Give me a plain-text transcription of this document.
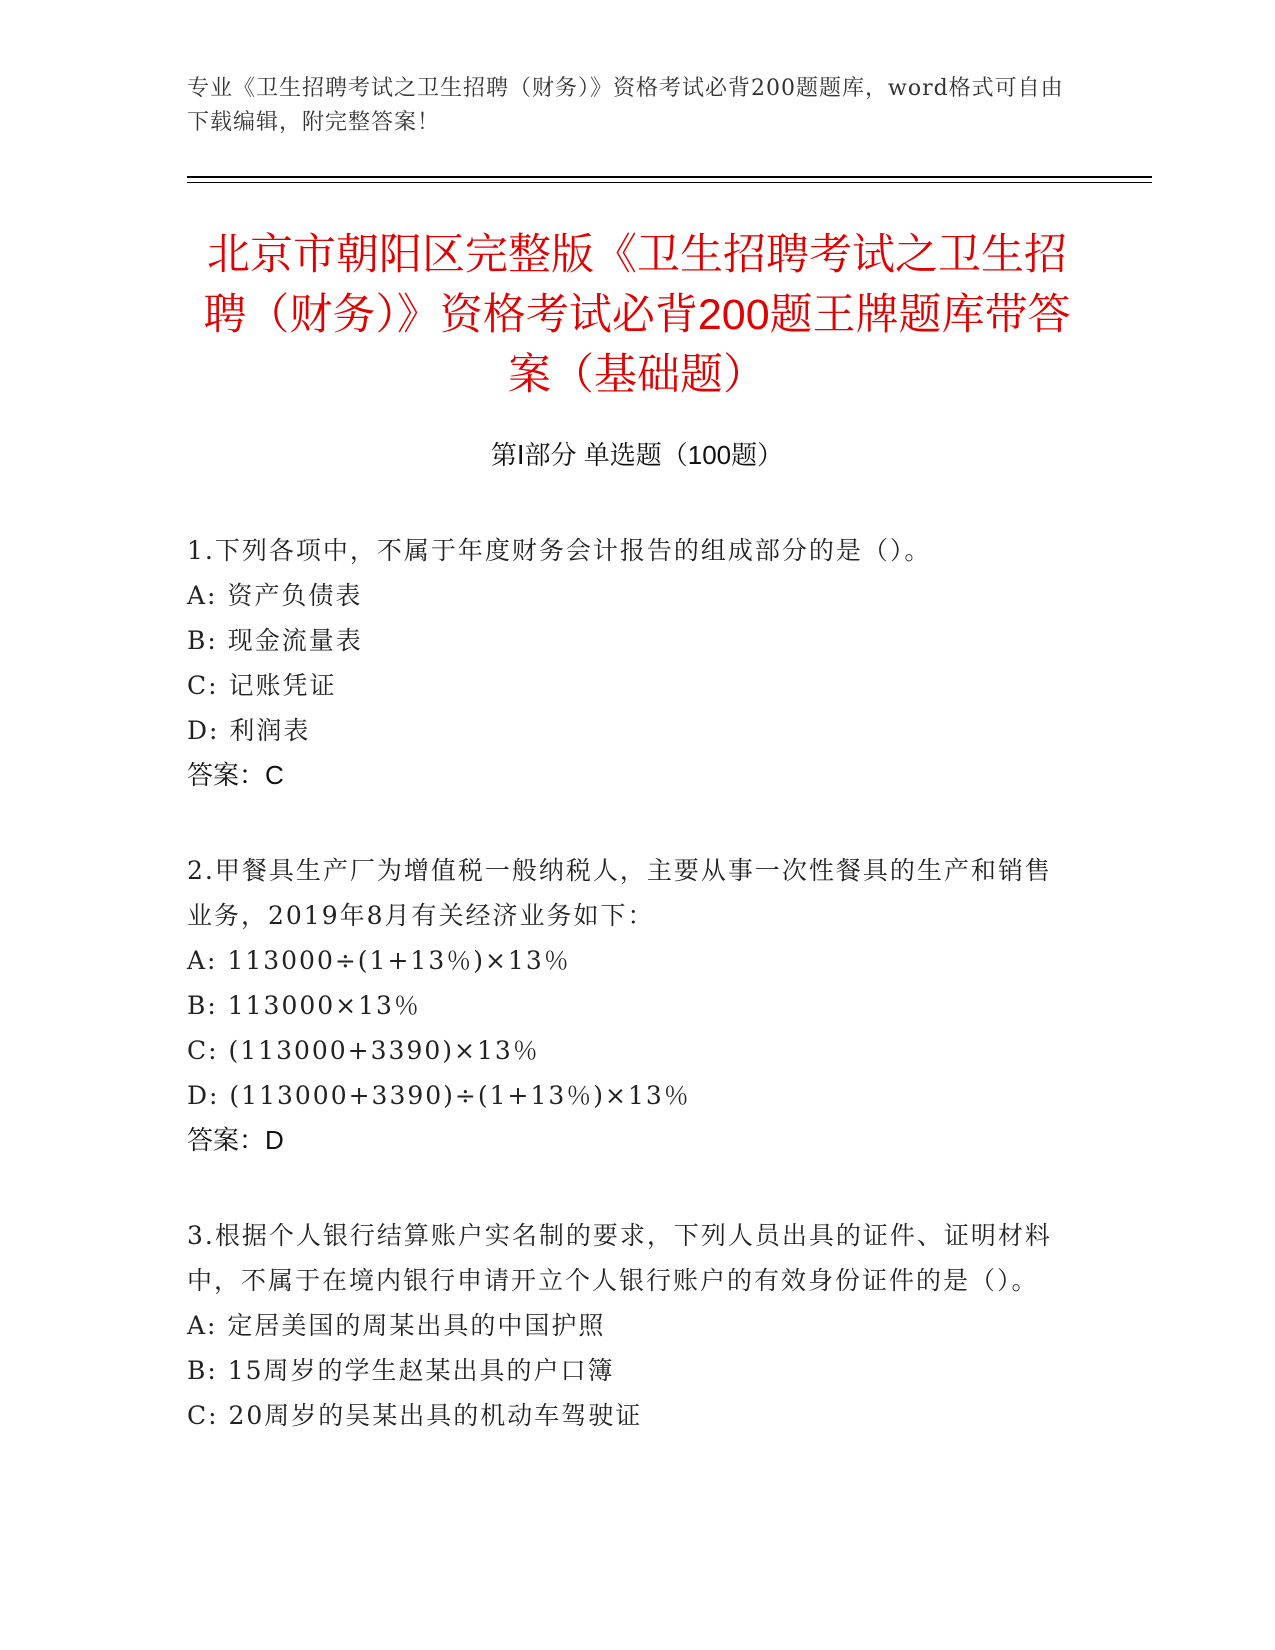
专业《卫生招聘考试之卫生招聘（财务）》资格考试必背200题题库，word格式可自由下载编辑，附完整答案！
北京市朝阳区完整版《卫生招聘考试之卫生招聘（财务）》资格考试必背200题王牌题库带答案（基础题）
第Ⅰ部分 单选题（100题）
1.下列各项中，不属于年度财务会计报告的组成部分的是（）。
A: 资产负债表
B: 现金流量表
C: 记账凭证
D: 利润表
答案：C
2.甲餐具生产厂为增值税一般纳税人，主要从事一次性餐具的生产和销售业务，2019年8月有关经济业务如下：
A: 113000÷(1+13％)×13％
B: 113000×13％
C: (113000+3390)×13％
D: (113000+3390)÷(1+13％)×13％
答案：D
3.根据个人银行结算账户实名制的要求，下列人员出具的证件、证明材料中，不属于在境内银行申请开立个人银行账户的有效身份证件的是（）。
A: 定居美国的周某出具的中国护照
B: 15周岁的学生赵某出具的户口簿
C: 20周岁的吴某出具的机动车驾驶证
